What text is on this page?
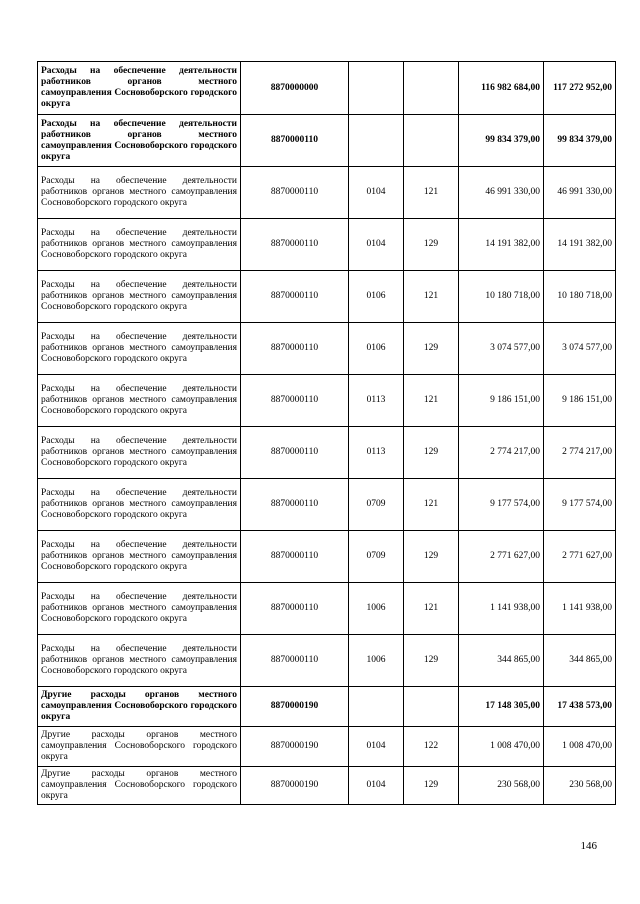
Расходы на обеспечение деятельности работников органов местного самоуправления Сосновоборского городского округа	8870000000			116 982 684,00	117 272 952,00
Расходы на обеспечение деятельности работников органов местного самоуправления Сосновоборского городского округа	8870000110			99 834 379,00	99 834 379,00
Расходы на обеспечение деятельности работников органов местного самоуправления Сосновоборского городского округа	8870000110	0104	121	46 991 330,00	46 991 330,00
Расходы на обеспечение деятельности работников органов местного самоуправления Сосновоборского городского округа	8870000110	0104	129	14 191 382,00	14 191 382,00
Расходы на обеспечение деятельности работников органов местного самоуправления Сосновоборского городского округа	8870000110	0106	121	10 180 718,00	10 180 718,00
Расходы на обеспечение деятельности работников органов местного самоуправления Сосновоборского городского округа	8870000110	0106	129	3 074 577,00	3 074 577,00
Расходы на обеспечение деятельности работников органов местного самоуправления Сосновоборского городского округа	8870000110	0113	121	9 186 151,00	9 186 151,00
Расходы на обеспечение деятельности работников органов местного самоуправления Сосновоборского городского округа	8870000110	0113	129	2 774 217,00	2 774 217,00
Расходы на обеспечение деятельности работников органов местного самоуправления Сосновоборского городского округа	8870000110	0709	121	9 177 574,00	9 177 574,00
Расходы на обеспечение деятельности работников органов местного самоуправления Сосновоборского городского округа	8870000110	0709	129	2 771 627,00	2 771 627,00
Расходы на обеспечение деятельности работников органов местного самоуправления Сосновоборского городского округа	8870000110	1006	121	1 141 938,00	1 141 938,00
Расходы на обеспечение деятельности работников органов местного самоуправления Сосновоборского городского округа	8870000110	1006	129	344 865,00	344 865,00
Другие расходы органов местного самоуправления Сосновоборского городского округа	8870000190			17 148 305,00	17 438 573,00
Другие расходы органов местного самоуправления Сосновоборского городского округа	8870000190	0104	122	1 008 470,00	1 008 470,00
Другие расходы органов местного самоуправления Сосновоборского городского округа	8870000190	0104	129	230 568,00	230 568,00
146
